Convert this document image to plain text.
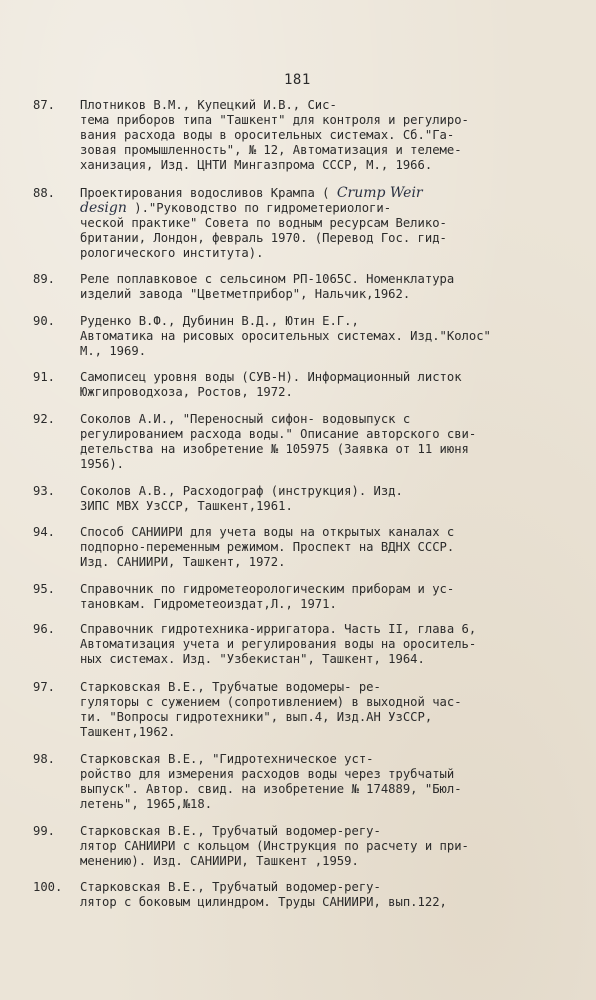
181
87.	Плотников В.М., Купецкий И.В., Сис-
тема приборов типа "Ташкент" для контроля и регулиро-
вания расхода воды в оросительных системах. Сб."Га-
зовая промышленность", № 12, Автоматизация и телеме-
ханизация, Изд. ЦНТИ Мингазпрома СССР, М., 1966.
88.	Проектирования водосливов Крампа ( Crump Weir
design )."Руководство по гидрометериологи-
ческой практике" Совета по водным ресурсам Велико-
британии, Лондон, февраль 1970. (Перевод Гос. гид-
рологического института).
89.	Реле поплавковое с сельсином РП-1065С. Номенклатура
изделий завода "Цветметприбор", Нальчик,1962.
90.	Руденко В.Ф., Дубинин В.Д., Ютин Е.Г.,
Автоматика на рисовых оросительных системах. Изд."Колос"
М., 1969.
91.	Самописец уровня воды (СУВ-Н). Информационный листок
Южгипроводхоза, Ростов, 1972.
92.	Соколов А.И., "Переносный сифон- водовыпуск с
регулированием расхода воды." Описание авторского сви-
детельства на изобретение № 105975 (Заявка от 11 июня
1956).
93.	Соколов А.В., Расходограф (инструкция). Изд.
ЗИПС МВХ УзССР, Ташкент,1961.
94.	Способ САНИИРИ для учета воды на открытых каналах с
подпорно-переменным режимом. Проспект на ВДНХ СССР.
Изд. САНИИРИ, Ташкент, 1972.
95.	Справочник по гидрометеорологическим приборам и ус-
тановкам. Гидрометеоиздат,Л., 1971.
96.	Справочник гидротехника-ирригатора. Часть II, глава 6,
Автоматизация учета и регулирования воды на ороситель-
ных системах. Изд. "Узбекистан", Ташкент, 1964.
97.	Старковская В.Е., Трубчатые водомеры- ре-
гуляторы с сужением (сопротивлением) в выходной час-
ти. "Вопросы гидротехники", вып.4, Изд.АН УзССР,
Ташкент,1962.
98.	Старковская В.Е., "Гидротехническое уст-
ройство для измерения расходов воды через трубчатый
выпуск". Автор. свид. на изобретение № 174889, "Бюл-
летень", 1965,№18.
99.	Старковская В.Е., Трубчатый водомер-регу-
лятор САНИИРИ с кольцом (Инструкция по расчету и при-
менению). Изд. САНИИРИ, Ташкент ,1959.
100.	Старковская В.Е., Трубчатый водомер-регу-
лятор с боковым цилиндром. Труды САНИИРИ, вып.122,
